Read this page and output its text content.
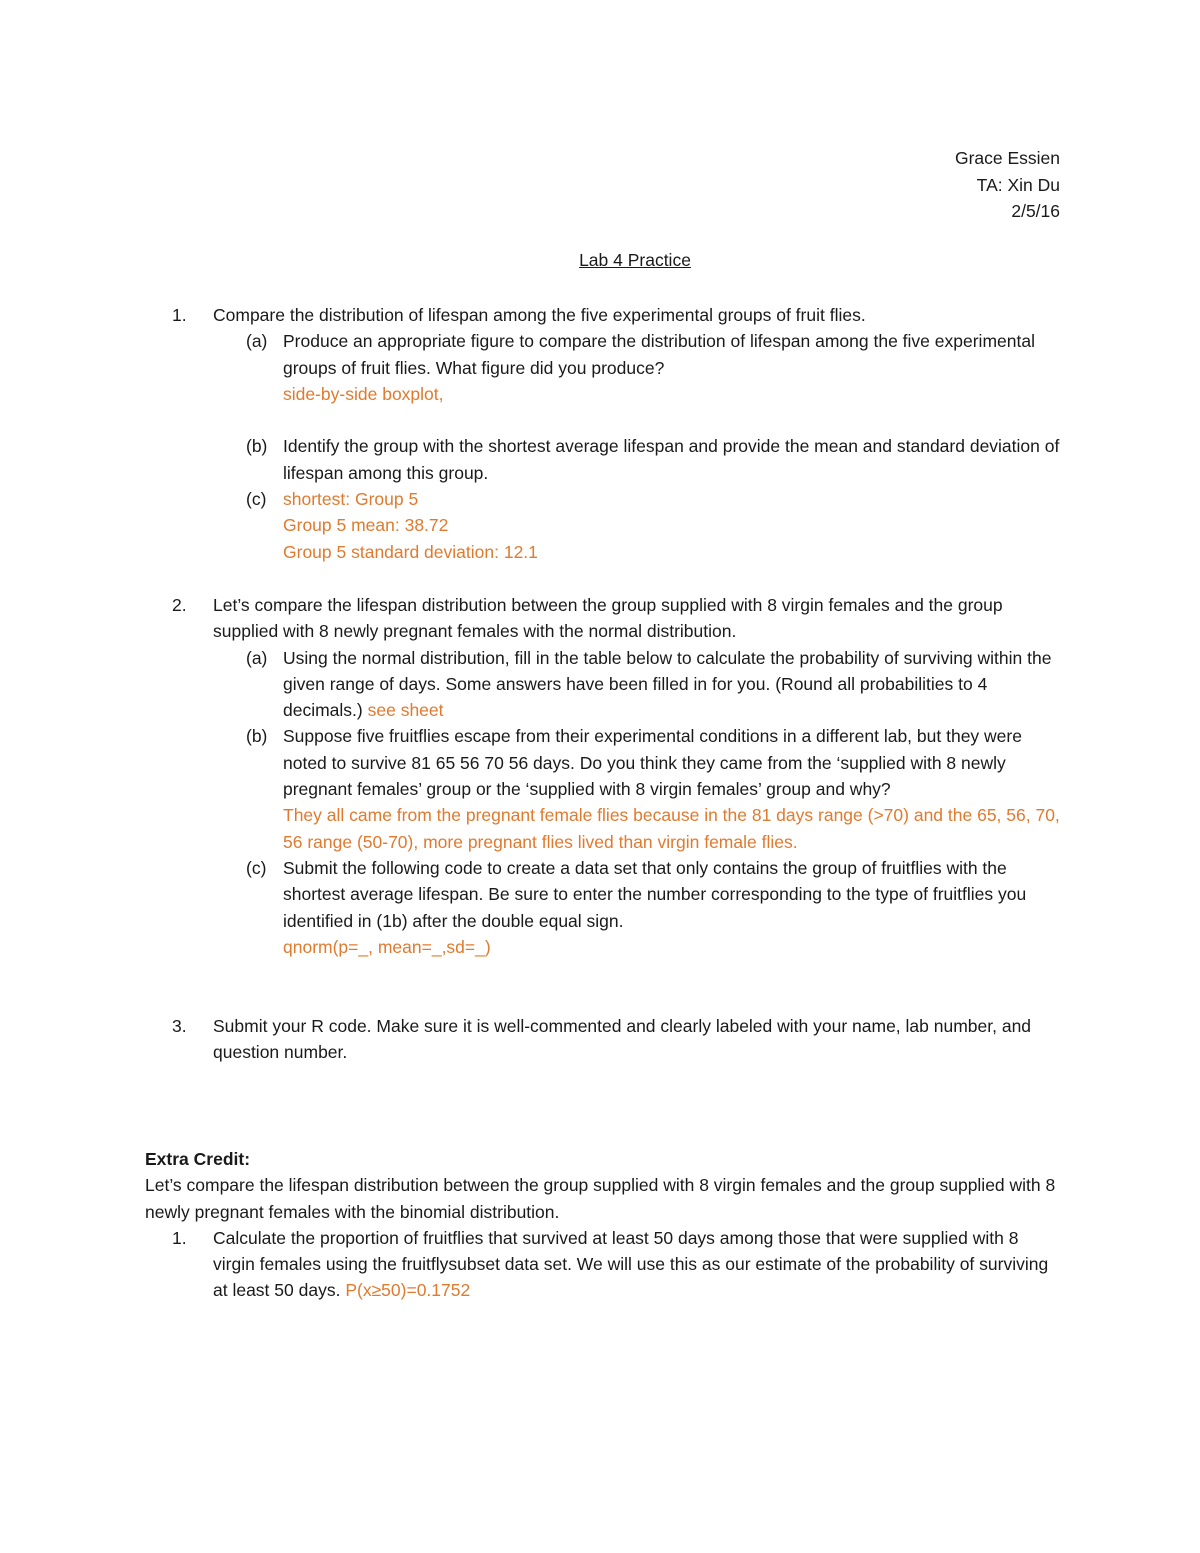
Grace Essien
TA: Xin Du
2/5/16
Lab 4 Practice
1. Compare the distribution of lifespan among the five experimental groups of fruit flies.
(a) Produce an appropriate figure to compare the distribution of lifespan among the five experimental groups of fruit flies. What figure did you produce?
side-by-side boxplot,
(b) Identify the group with the shortest average lifespan and provide the mean and standard deviation of lifespan among this group.
(c) shortest: Group 5
Group 5 mean: 38.72
Group 5 standard deviation: 12.1
2. Let’s compare the lifespan distribution between the group supplied with 8 virgin females and the group supplied with 8 newly pregnant females with the normal distribution.
(a) Using the normal distribution, fill in the table below to calculate the probability of surviving within the given range of days. Some answers have been filled in for you. (Round all probabilities to 4 decimals.) see sheet
(b) Suppose five fruitflies escape from their experimental conditions in a different lab, but they were noted to survive 81 65 56 70 56 days. Do you think they came from the ‘supplied with 8 newly pregnant females’ group or the ‘supplied with 8 virgin females’ group and why?
They all came from the pregnant female flies because in the 81 days range (>70) and the 65, 56, 70, 56 range (50-70), more pregnant flies lived than virgin female flies.
(c) Submit the following code to create a data set that only contains the group of fruitflies with the shortest average lifespan. Be sure to enter the number corresponding to the type of fruitflies you identified in (1b) after the double equal sign.
qnorm(p=_, mean=_,sd=_)
3. Submit your R code. Make sure it is well-commented and clearly labeled with your name, lab number, and question number.
Extra Credit:
Let’s compare the lifespan distribution between the group supplied with 8 virgin females and the group supplied with 8 newly pregnant females with the binomial distribution.
1. Calculate the proportion of fruitflies that survived at least 50 days among those that were supplied with 8 virgin females using the fruitflysubset data set. We will use this as our estimate of the probability of surviving at least 50 days. P(x≥50)=0.1752
